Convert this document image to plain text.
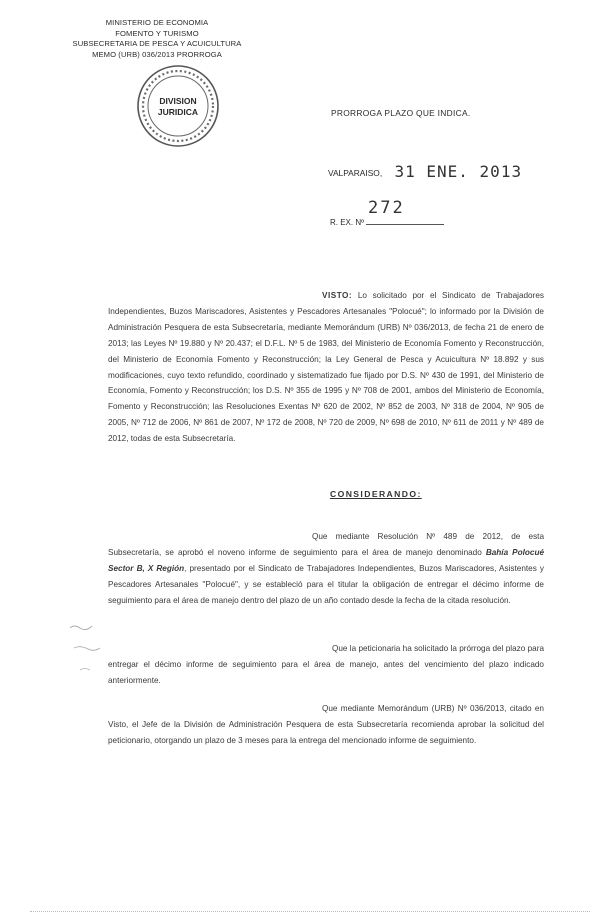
MINISTERIO DE ECONOMIA
FOMENTO Y TURISMO
SUBSECRETARIA DE PESCA Y ACUICULTURA
MEMO (URB) 036/2013 PRORROGA
DIVISION
JURIDICA	PRORROGA PLAZO QUE INDICA.
VALPARAISO, 31 ENE. 2013
272
R. EX. Nº
VISTO: Lo solicitado por el Sindicato de Trabajadores Independientes, Buzos Mariscadores, Asistentes y Pescadores Artesanales "Polocué"; lo informado por la División de Administración Pesquera de esta Subsecretaría, mediante Memorándum (URB) Nº 036/2013, de fecha 21 de enero de 2013; las Leyes Nº 19.880 y Nº 20.437; el D.F.L. Nº 5 de 1983, del Ministerio de Economía Fomento y Reconstrucción, del Ministerio de Economía Fomento y Reconstrucción; la Ley General de Pesca y Acuicultura Nº 18.892 y sus modificaciones, cuyo texto refundido, coordinado y sistematizado fue fijado por D.S. Nº 430 de 1991, del Ministerio de Economía, Fomento y Reconstrucción; los D.S. Nº 355 de 1995 y Nº 708 de 2001, ambos del Ministerio de Economía, Fomento y Reconstrucción; las Resoluciones Exentas Nº 620 de 2002, Nº 852 de 2003, Nº 318 de 2004, Nº 905 de 2005, Nº 712 de 2006, Nº 861 de 2007, Nº 172 de 2008, Nº 720 de 2009, Nº 698 de 2010, Nº 611 de 2011 y Nº 489 de 2012, todas de esta Subsecretaría.
CONSIDERANDO:
Que mediante Resolución Nº 489 de 2012, de esta Subsecretaría, se aprobó el noveno informe de seguimiento para el área de manejo denominado Bahía Polocué Sector B, X Región, presentado por el Sindicato de Trabajadores Independientes, Buzos Mariscadores, Asistentes y Pescadores Artesanales "Polocué", y se estableció para el titular la obligación de entregar el décimo informe de seguimiento para el área de manejo dentro del plazo de un año contado desde la fecha de la citada resolución.
Que la peticionaria ha solicitado la prórroga del plazo para entregar el décimo informe de seguimiento para el área de manejo, antes del vencimiento del plazo indicado anteriormente.
Que mediante Memorándum (URB) Nº 036/2013, citado en Visto, el Jefe de la División de Administración Pesquera de esta Subsecretaría recomienda aprobar la solicitud del peticionario, otorgando un plazo de 3 meses para la entrega del mencionado informe de seguimiento.
